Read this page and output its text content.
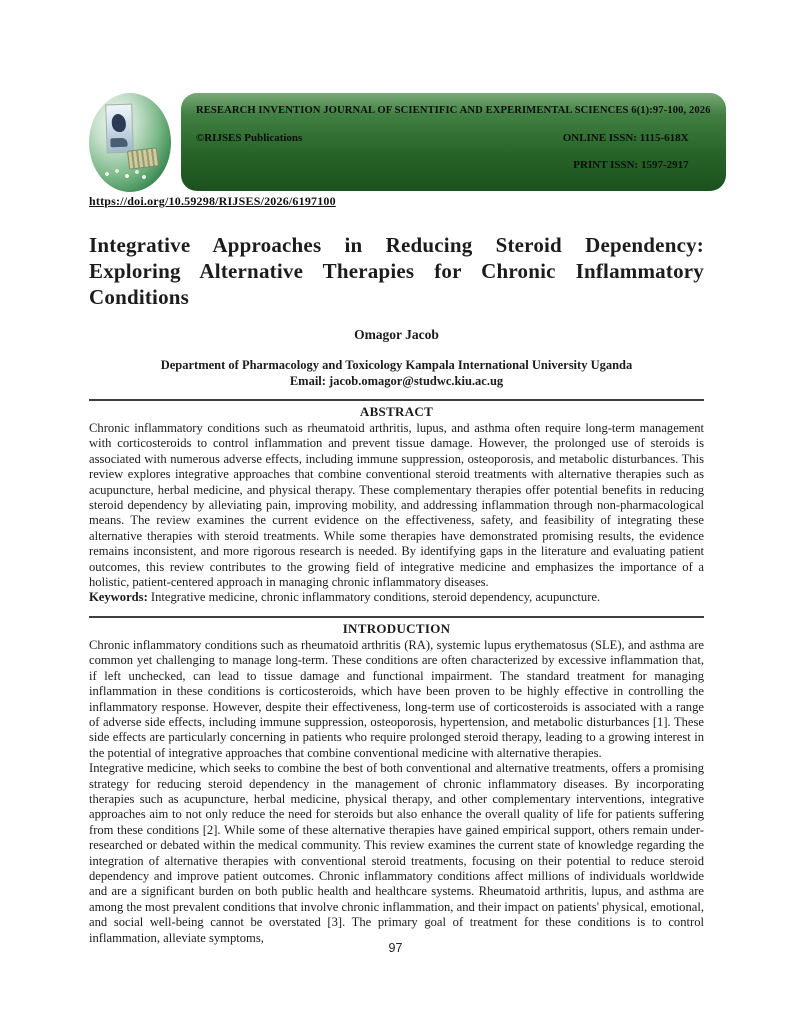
RESEARCH INVENTION JOURNAL OF SCIENTIFIC AND EXPERIMENTAL SCIENCES 6(1):97-100, 2026
©RIJSES Publications	ONLINE ISSN: 1115-618X
PRINT ISSN: 1597-2917
https://doi.org/10.59298/RIJSES/2026/6197100
Integrative Approaches in Reducing Steroid Dependency: Exploring Alternative Therapies for Chronic Inflammatory Conditions
Omagor Jacob
Department of Pharmacology and Toxicology Kampala International University Uganda
Email: jacob.omagor@studwc.kiu.ac.ug
ABSTRACT

Chronic inflammatory conditions such as rheumatoid arthritis, lupus, and asthma often require long-term management with corticosteroids to control inflammation and prevent tissue damage. However, the prolonged use of steroids is associated with numerous adverse effects, including immune suppression, osteoporosis, and metabolic disturbances. This review explores integrative approaches that combine conventional steroid treatments with alternative therapies such as acupuncture, herbal medicine, and physical therapy. These complementary therapies offer potential benefits in reducing steroid dependency by alleviating pain, improving mobility, and addressing inflammation through non-pharmacological means. The review examines the current evidence on the effectiveness, safety, and feasibility of integrating these alternative therapies with steroid treatments. While some therapies have demonstrated promising results, the evidence remains inconsistent, and more rigorous research is needed. By identifying gaps in the literature and evaluating patient outcomes, this review contributes to the growing field of integrative medicine and emphasizes the importance of a holistic, patient-centered approach in managing chronic inflammatory diseases.

Keywords: Integrative medicine, chronic inflammatory conditions, steroid dependency, acupuncture.

INTRODUCTION

Chronic inflammatory conditions such as rheumatoid arthritis (RA), systemic lupus erythematosus (SLE), and asthma are common yet challenging to manage long-term. These conditions are often characterized by excessive inflammation that, if left unchecked, can lead to tissue damage and functional impairment. The standard treatment for managing inflammation in these conditions is corticosteroids, which have been proven to be highly effective in controlling the inflammatory response. However, despite their effectiveness, long-term use of corticosteroids is associated with a range of adverse side effects, including immune suppression, osteoporosis, hypertension, and metabolic disturbances [1]. These side effects are particularly concerning in patients who require prolonged steroid therapy, leading to a growing interest in the potential of integrative approaches that combine conventional medicine with alternative therapies.

Integrative medicine, which seeks to combine the best of both conventional and alternative treatments, offers a promising strategy for reducing steroid dependency in the management of chronic inflammatory diseases. By incorporating therapies such as acupuncture, herbal medicine, physical therapy, and other complementary interventions, integrative approaches aim to not only reduce the need for steroids but also enhance the overall quality of life for patients suffering from these conditions [2]. While some of these alternative therapies have gained empirical support, others remain under-researched or debated within the medical community. This review examines the current state of knowledge regarding the integration of alternative therapies with conventional steroid treatments, focusing on their potential to reduce steroid dependency and improve patient outcomes. Chronic inflammatory conditions affect millions of individuals worldwide and are a significant burden on both public health and healthcare systems. Rheumatoid arthritis, lupus, and asthma are among the most prevalent conditions that involve chronic inflammation, and their impact on patients' physical, emotional, and social well-being cannot be overstated [3]. The primary goal of treatment for these conditions is to control inflammation, alleviate symptoms,

97
